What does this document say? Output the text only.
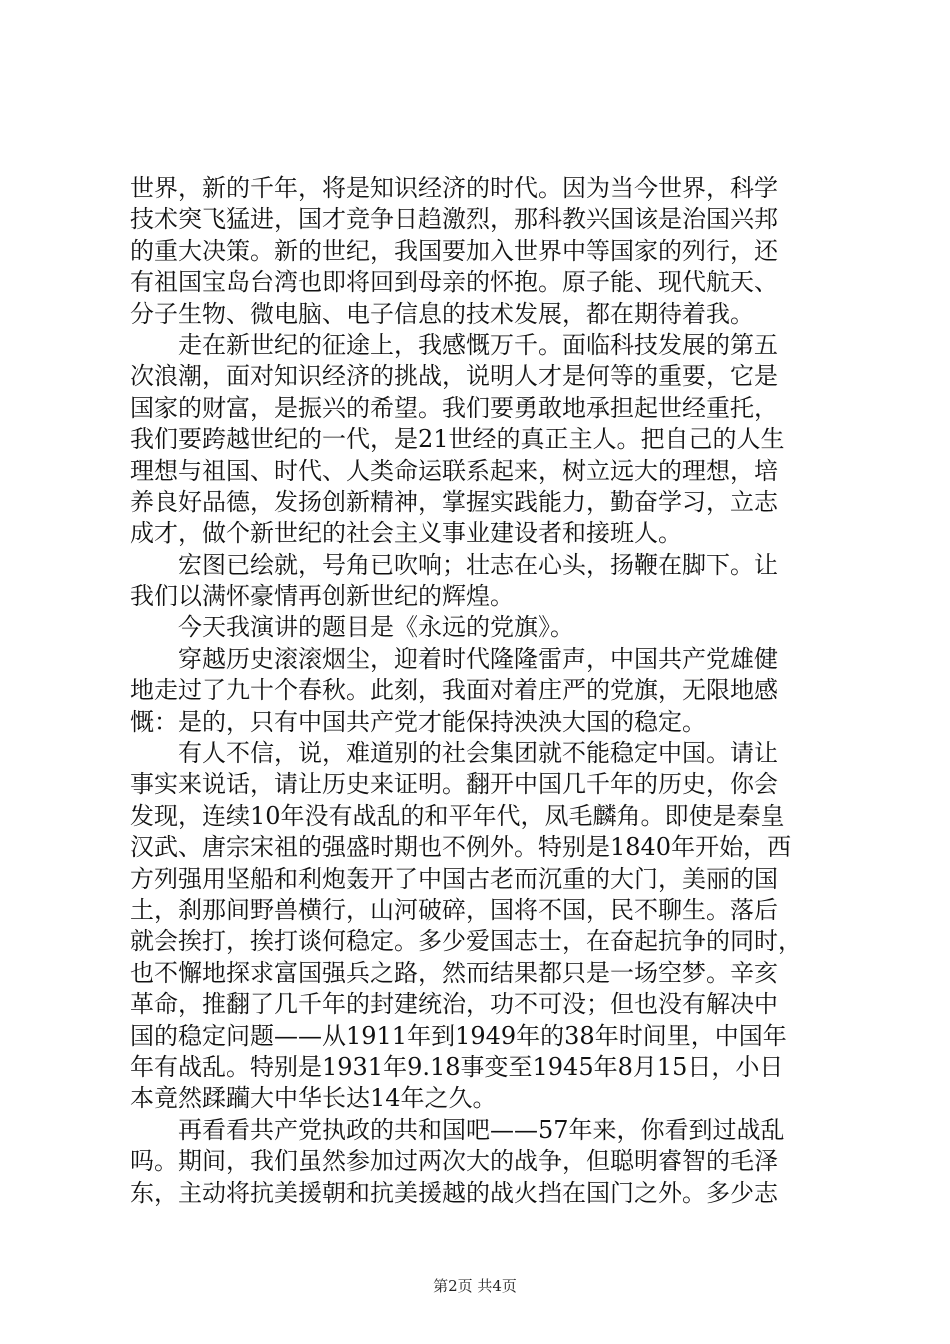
世界，新的千年，将是知识经济的时代。因为当今世界，科学
技术突飞猛进，国才竞争日趋激烈，那科教兴国该是治国兴邦
的重大决策。新的世纪，我国要加入世界中等国家的列行，还
有祖国宝岛台湾也即将回到母亲的怀抱。原子能、现代航天、
分子生物、微电脑、电子信息的技术发展，都在期待着我。
　　走在新世纪的征途上，我感慨万千。面临科技发展的第五
次浪潮，面对知识经济的挑战，说明人才是何等的重要，它是
国家的财富，是振兴的希望。我们要勇敢地承担起世经重托，
我们要跨越世纪的一代，是21世经的真正主人。把自己的人生
理想与祖国、时代、人类命运联系起来，树立远大的理想，培
养良好品德，发扬创新精神，掌握实践能力，勤奋学习，立志
成才，做个新世纪的社会主义事业建设者和接班人。
　　宏图已绘就，号角已吹响；壮志在心头，扬鞭在脚下。让
我们以满怀豪情再创新世纪的辉煌。
　　今天我演讲的题目是《永远的党旗》。
　　穿越历史滚滚烟尘，迎着时代隆隆雷声，中国共产党雄健
地走过了九十个春秋。此刻，我面对着庄严的党旗，无限地感
慨：是的，只有中国共产党才能保持泱泱大国的稳定。
　　有人不信，说，难道别的社会集团就不能稳定中国。请让
事实来说话，请让历史来证明。翻开中国几千年的历史，你会
发现，连续10年没有战乱的和平年代，凤毛麟角。即使是秦皇
汉武、唐宗宋祖的强盛时期也不例外。特别是1840年开始，西
方列强用坚船和利炮轰开了中国古老而沉重的大门，美丽的国
土，刹那间野兽横行，山河破碎，国将不国，民不聊生。落后
就会挨打，挨打谈何稳定。多少爱国志士，在奋起抗争的同时，
也不懈地探求富国强兵之路，然而结果都只是一场空梦。辛亥
革命，推翻了几千年的封建统治，功不可没；但也没有解决中
国的稳定问题——从1911年到1949年的38年时间里，中国年
年有战乱。特别是1931年9.18事变至1945年8月15日，小日
本竟然蹂躏大中华长达14年之久。
　　再看看共产党执政的共和国吧——57年来，你看到过战乱
吗。期间，我们虽然参加过两次大的战争，但聪明睿智的毛泽
东，主动将抗美援朝和抗美援越的战火挡在国门之外。多少志
第2页 共4页
